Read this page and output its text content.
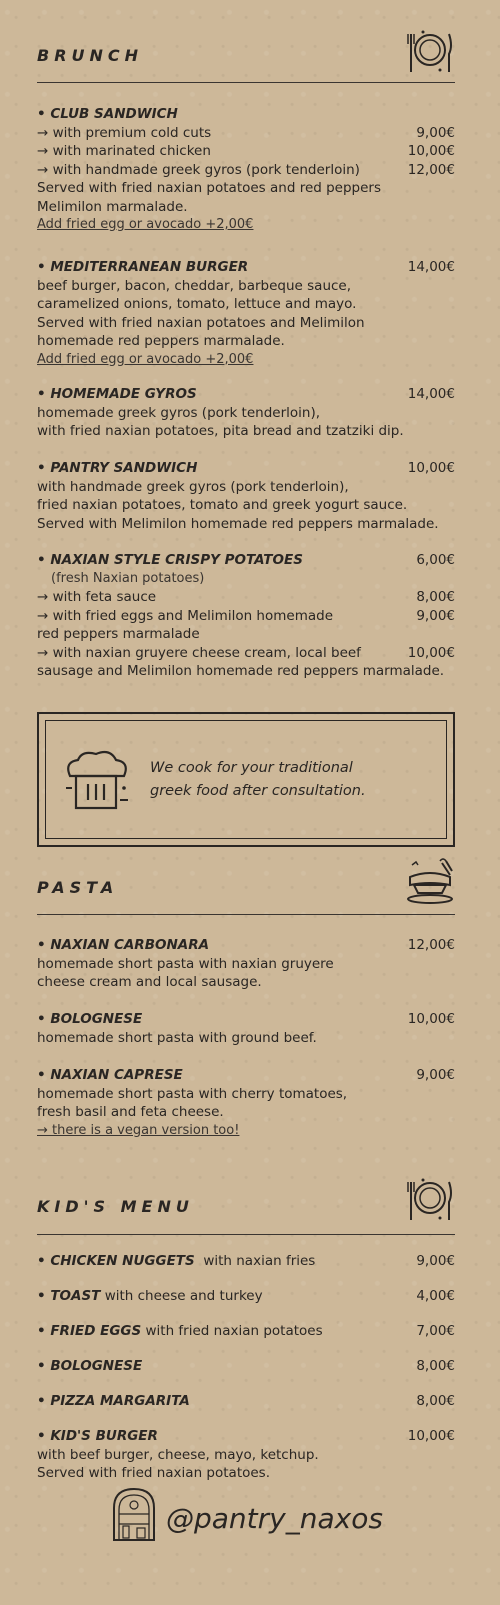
BRUNCH
• CLUB SANDWICH
→ with premium cold cuts	9,00€
→ with marinated chicken	10,00€
→ with handmade greek gyros (pork tenderloin)	12,00€
Served with fried naxian potatoes and red peppers
Melimilon marmalade.
Add fried egg or avocado +2,00€
• MEDITERRANEAN BURGER	14,00€
beef burger, bacon, cheddar, barbeque sauce,
caramelized onions, tomato, lettuce and mayo.
Served with fried naxian potatoes and Melimilon
homemade red peppers marmalade.
Add fried egg or avocado +2,00€
• HOMEMADE GYROS	14,00€
homemade greek gyros (pork tenderloin),
with fried naxian potatoes, pita bread and tzatziki dip.
• PANTRY SANDWICH	10,00€
with handmade greek gyros (pork tenderloin),
fried naxian potatoes, tomato and greek yogurt sauce.
Served with Melimilon homemade red peppers marmalade.
• NAXIAN STYLE CRISPY POTATOES	6,00€
(fresh Naxian potatoes)
→ with feta sauce	8,00€
→ with fried eggs and Melimilon homemade	9,00€
red peppers marmalade
→ with naxian gruyere cheese cream, local beef	10,00€
sausage and Melimilon homemade red peppers marmalade.
We cook for your traditional
greek food after consultation.
PASTA
• NAXIAN CARBONARA	12,00€
homemade short pasta with naxian gruyere
cheese cream and local sausage.
• BOLOGNESE	10,00€
homemade short pasta with ground beef.
• NAXIAN CAPRESE	9,00€
homemade short pasta with cherry tomatoes,
fresh basil and feta cheese.
→ there is a vegan version too!
KID'S MENU
• CHICKEN NUGGETS  with naxian fries	9,00€
• TOAST with cheese and turkey	4,00€
• FRIED EGGS with fried naxian potatoes	7,00€
• BOLOGNESE	8,00€
• PIZZA MARGARITA	8,00€
• KID'S BURGER	10,00€
with beef burger, cheese, mayo, ketchup.
Served with fried naxian potatoes.
@pantry_naxos
